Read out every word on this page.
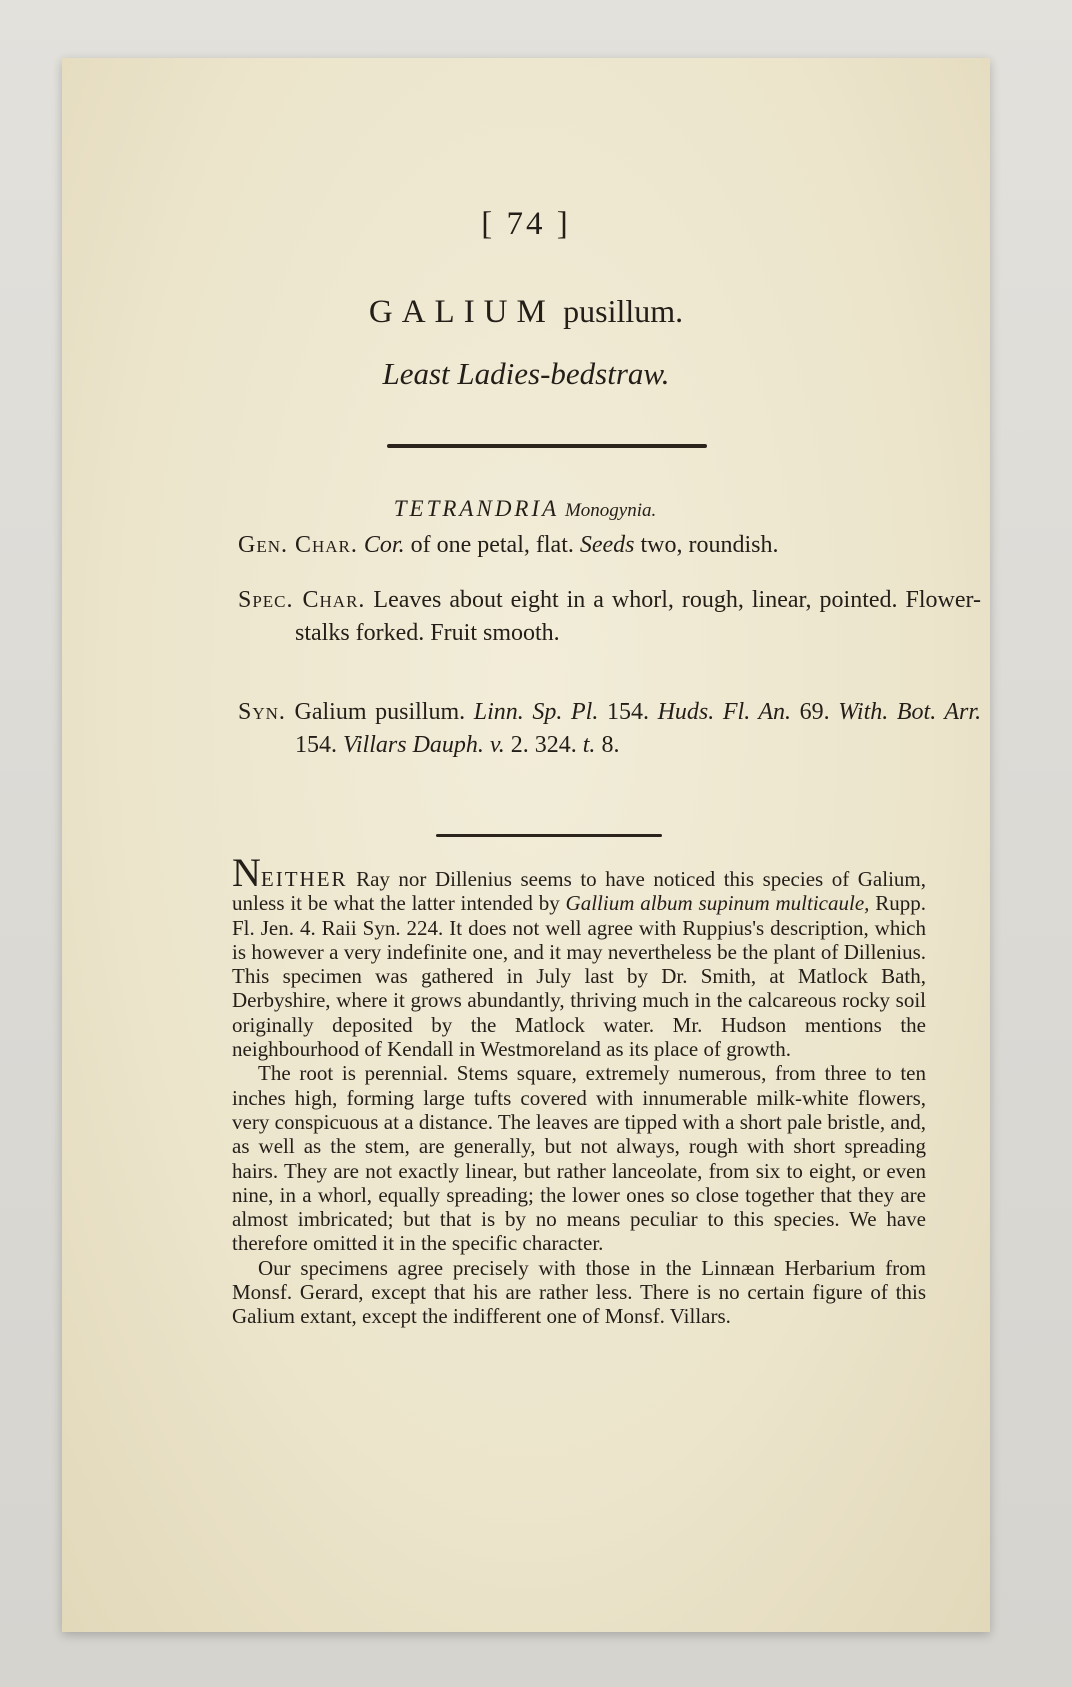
[ 74 ]
GALIUM pusillum.
Least Ladies-bedstraw.
TETRANDRIA Monogynia.
Gen. Char. Cor. of one petal, flat. Seeds two, roundish.
Spec. Char. Leaves about eight in a whorl, rough, linear, pointed. Flower-stalks forked. Fruit smooth.
Syn. Galium pusillum. Linn. Sp. Pl. 154. Huds. Fl. An. 69. With. Bot. Arr. 154. Villars Dauph. v. 2. 324. t. 8.

NEITHER Ray nor Dillenius seems to have noticed this species of Galium, unless it be what the latter intended by Gallium album supinum multicaule, Rupp. Fl. Jen. 4. Raii Syn. 224. It does not well agree with Ruppius's description, which is however a very indefinite one, and it may nevertheless be the plant of Dillenius. This specimen was gathered in July last by Dr. Smith, at Matlock Bath, Derbyshire, where it grows abundantly, thriving much in the calcareous rocky soil originally deposited by the Matlock water. Mr. Hudson mentions the neighbourhood of Kendall in Westmoreland as its place of growth.

The root is perennial. Stems square, extremely numerous, from three to ten inches high, forming large tufts covered with innumerable milk-white flowers, very conspicuous at a distance. The leaves are tipped with a short pale bristle, and, as well as the stem, are generally, but not always, rough with short spreading hairs. They are not exactly linear, but rather lanceolate, from six to eight, or even nine, in a whorl, equally spreading; the lower ones so close together that they are almost imbricated; but that is by no means peculiar to this species. We have therefore omitted it in the specific character.

Our specimens agree precisely with those in the Linnæan Herbarium from Monsf. Gerard, except that his are rather less. There is no certain figure of this Galium extant, except the indifferent one of Monsf. Villars.
